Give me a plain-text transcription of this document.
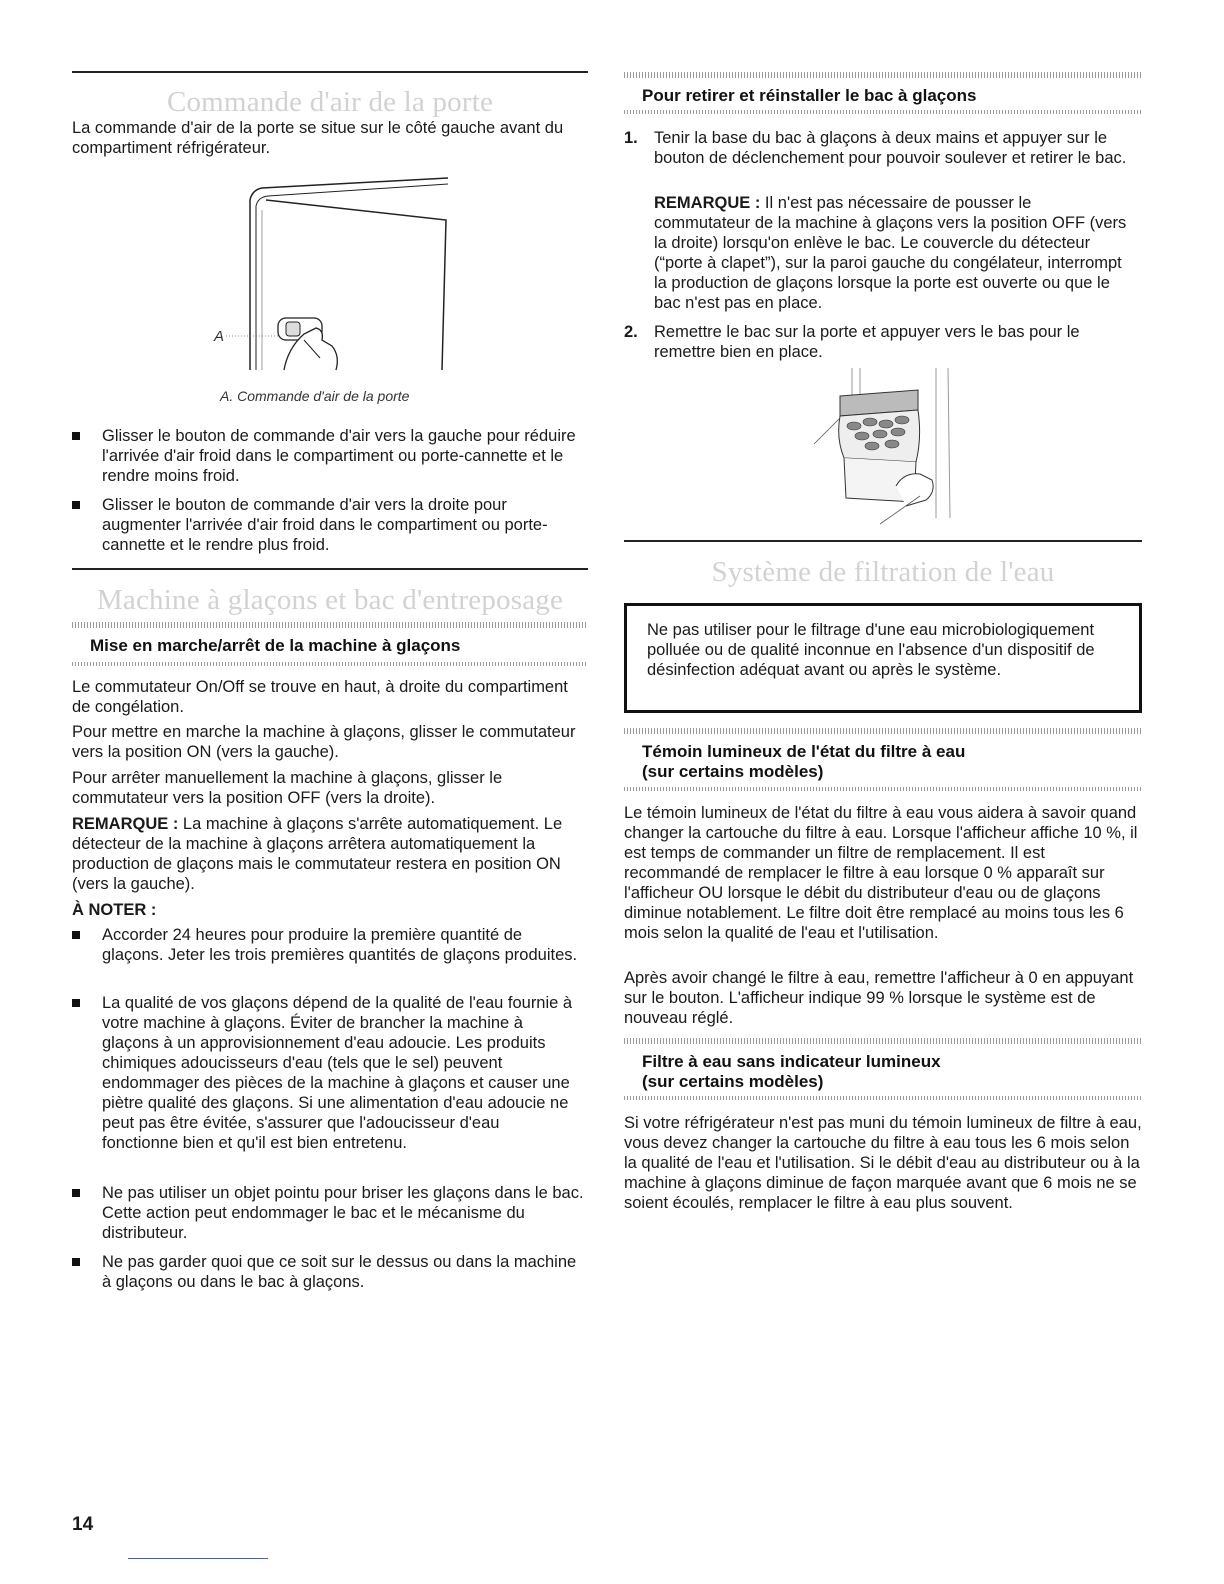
Commande d'air de la porte

La commande d'air de la porte se situe sur le côté gauche avant du compartiment réfrigérateur.

A
A. Commande d'air de la porte
Glisser le bouton de commande d'air vers la gauche pour réduire l'arrivée d'air froid dans le compartiment ou porte-cannette et le rendre moins froid.
Glisser le bouton de commande d'air vers la droite pour augmenter l'arrivée d'air froid dans le compartiment ou porte-cannette et le rendre plus froid.
Machine à glaçons et bac d'entreposage
Mise en marche/arrêt de la machine à glaçons

Le commutateur On/Off se trouve en haut, à droite du compartiment de congélation.

Pour mettre en marche la machine à glaçons, glisser le commutateur vers la position ON (vers la gauche).

Pour arrêter manuellement la machine à glaçons, glisser le commutateur vers la position OFF (vers la droite).

REMARQUE : La machine à glaçons s'arrête automatiquement. Le détecteur de la machine à glaçons arrêtera automatiquement la production de glaçons mais le commutateur restera en position ON (vers la gauche).

À NOTER :

Accorder 24 heures pour produire la première quantité de glaçons. Jeter les trois premières quantités de glaçons produites.
La qualité de vos glaçons dépend de la qualité de l'eau fournie à votre machine à glaçons. Éviter de brancher la machine à glaçons à un approvisionnement d'eau adoucie. Les produits chimiques adoucisseurs d'eau (tels que le sel) peuvent endommager des pièces de la machine à glaçons et causer une piètre qualité des glaçons. Si une alimentation d'eau adoucie ne peut pas être évitée, s'assurer que l'adoucisseur d'eau fonctionne bien et qu'il est bien entretenu.
Ne pas utiliser un objet pointu pour briser les glaçons dans le bac. Cette action peut endommager le bac et le mécanisme du distributeur.
Ne pas garder quoi que ce soit sur le dessus ou dans la machine à glaçons ou dans le bac à glaçons.
Pour retirer et réinstaller le bac à glaçons
1. Tenir la base du bac à glaçons à deux mains et appuyer sur le bouton de déclenchement pour pouvoir soulever et retirer le bac.

REMARQUE : Il n'est pas nécessaire de pousser le commutateur de la machine à glaçons vers la position OFF (vers la droite) lorsqu'on enlève le bac. Le couvercle du détecteur (“porte à clapet”), sur la paroi gauche du congélateur, interrompt la production de glaçons lorsque la porte est ouverte ou que le bac n'est pas en place.

2. Remettre le bac sur la porte et appuyer vers le bas pour le remettre bien en place.
Système de filtration de l'eau

Ne pas utiliser pour le filtrage d'une eau microbiologiquement polluée ou de qualité inconnue en l'absence d'un dispositif de désinfection adéquat avant ou après le système.

Témoin lumineux de l'état du filtre à eau
(sur certains modèles)

Le témoin lumineux de l'état du filtre à eau vous aidera à savoir quand changer la cartouche du filtre à eau. Lorsque l'afficheur affiche 10 %, il est temps de commander un filtre de remplacement. Il est recommandé de remplacer le filtre à eau lorsque 0 % apparaît sur l'afficheur OU lorsque le débit du distributeur d'eau ou de glaçons diminue notablement. Le filtre doit être remplacé au moins tous les 6 mois selon la qualité de l'eau et l'utilisation.

Après avoir changé le filtre à eau, remettre l'afficheur à 0 en appuyant sur le bouton. L'afficheur indique 99 % lorsque le système est de nouveau réglé.

Filtre à eau sans indicateur lumineux
(sur certains modèles)

Si votre réfrigérateur n'est pas muni du témoin lumineux de filtre à eau, vous devez changer la cartouche du filtre à eau tous les 6 mois selon la qualité de l'eau et l'utilisation. Si le débit d'eau au distributeur ou à la machine à glaçons diminue de façon marquée avant que 6 mois ne se soient écoulés, remplacer le filtre à eau plus souvent.

14
